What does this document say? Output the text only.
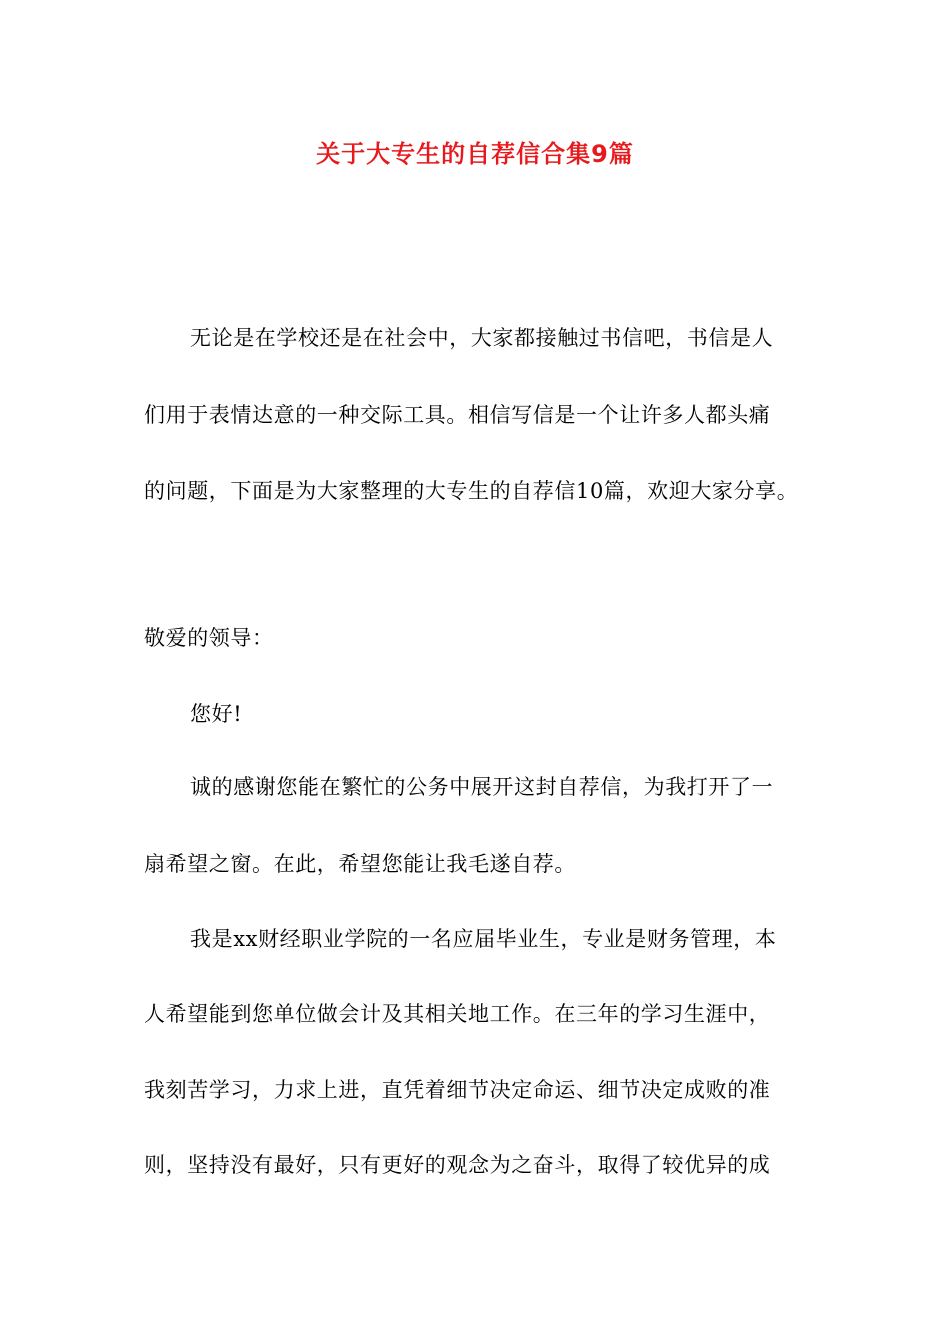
关于大专生的自荐信合集9篇
无论是在学校还是在社会中，大家都接触过书信吧，书信是人
们用于表情达意的一种交际工具。相信写信是一个让许多人都头痛
的问题，下面是为大家整理的大专生的自荐信10篇，欢迎大家分享。
敬爱的领导：
您好!
诚的感谢您能在繁忙的公务中展开这封自荐信，为我打开了一
扇希望之窗。在此，希望您能让我毛遂自荐。
我是xx财经职业学院的一名应届毕业生，专业是财务管理，本
人希望能到您单位做会计及其相关地工作。在三年的学习生涯中，
我刻苦学习，力求上进，直凭着细节决定命运、细节决定成败的准
则，坚持没有最好，只有更好的观念为之奋斗，取得了较优异的成
